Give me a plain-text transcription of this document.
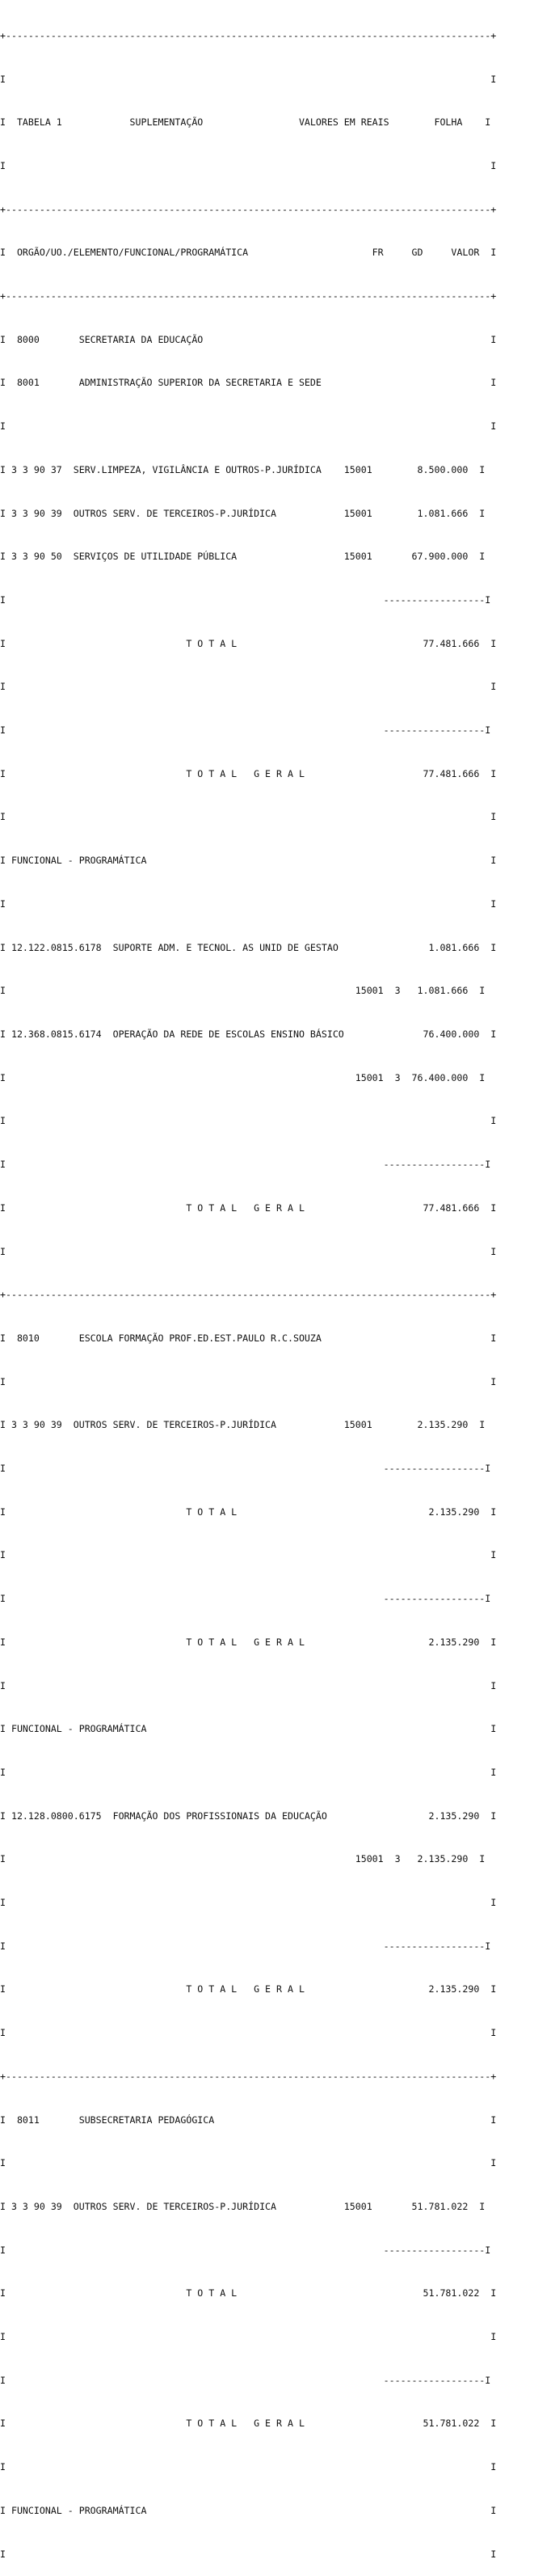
+--------------------------------------------------------------------------------------+

I                                                                                      I

I  TABELA 1            SUPLEMENTAÇÃO                 VALORES EM REAIS        FOLHA    I

I                                                                                      I

+--------------------------------------------------------------------------------------+

I  ORGÃO/UO./ELEMENTO/FUNCIONAL/PROGRAMÁTICA                      FR     GD     VALOR  I

+--------------------------------------------------------------------------------------+

I  8000       SECRETARIA DA EDUCAÇÃO                                                   I

I  8001       ADMINISTRAÇÃO SUPERIOR DA SECRETARIA E SEDE                              I

I                                                                                      I

I 3 3 90 37  SERV.LIMPEZA, VIGILÂNCIA E OUTROS-P.JURÍDICA    15001        8.500.000  I

I 3 3 90 39  OUTROS SERV. DE TERCEIROS-P.JURÍDICA            15001        1.081.666  I

I 3 3 90 50  SERVIÇOS DE UTILIDADE PÚBLICA                   15001       67.900.000  I

I                                                                   ------------------I

I                                T O T A L                                 77.481.666  I

I                                                                                      I

I                                                                   ------------------I

I                                T O T A L   G E R A L                     77.481.666  I

I                                                                                      I

I FUNCIONAL - PROGRAMÁTICA                                                             I

I                                                                                      I

I 12.122.0815.6178  SUPORTE ADM. E TECNOL. AS UNID DE GESTAO                1.081.666  I

I                                                              15001  3   1.081.666  I

I 12.368.0815.6174  OPERAÇÃO DA REDE DE ESCOLAS ENSINO BÁSICO              76.400.000  I

I                                                              15001  3  76.400.000  I

I                                                                                      I

I                                                                   ------------------I

I                                T O T A L   G E R A L                     77.481.666  I

I                                                                                      I

+--------------------------------------------------------------------------------------+

I  8010       ESCOLA FORMAÇÃO PROF.ED.EST.PAULO R.C.SOUZA                              I

I                                                                                      I

I 3 3 90 39  OUTROS SERV. DE TERCEIROS-P.JURÍDICA            15001        2.135.290  I

I                                                                   ------------------I

I                                T O T A L                                  2.135.290  I

I                                                                                      I

I                                                                   ------------------I

I                                T O T A L   G E R A L                      2.135.290  I

I                                                                                      I

I FUNCIONAL - PROGRAMÁTICA                                                             I

I                                                                                      I

I 12.128.0800.6175  FORMAÇÃO DOS PROFISSIONAIS DA EDUCAÇÃO                  2.135.290  I

I                                                              15001  3   2.135.290  I

I                                                                                      I

I                                                                   ------------------I

I                                T O T A L   G E R A L                      2.135.290  I

I                                                                                      I

+--------------------------------------------------------------------------------------+

I  8011       SUBSECRETARIA PEDAGÓGICA                                                 I

I                                                                                      I

I 3 3 90 39  OUTROS SERV. DE TERCEIROS-P.JURÍDICA            15001       51.781.022  I

I                                                                   ------------------I

I                                T O T A L                                 51.781.022  I

I                                                                                      I

I                                                                   ------------------I

I                                T O T A L   G E R A L                     51.781.022  I

I                                                                                      I

I FUNCIONAL - PROGRAMÁTICA                                                             I

I                                                                                      I
